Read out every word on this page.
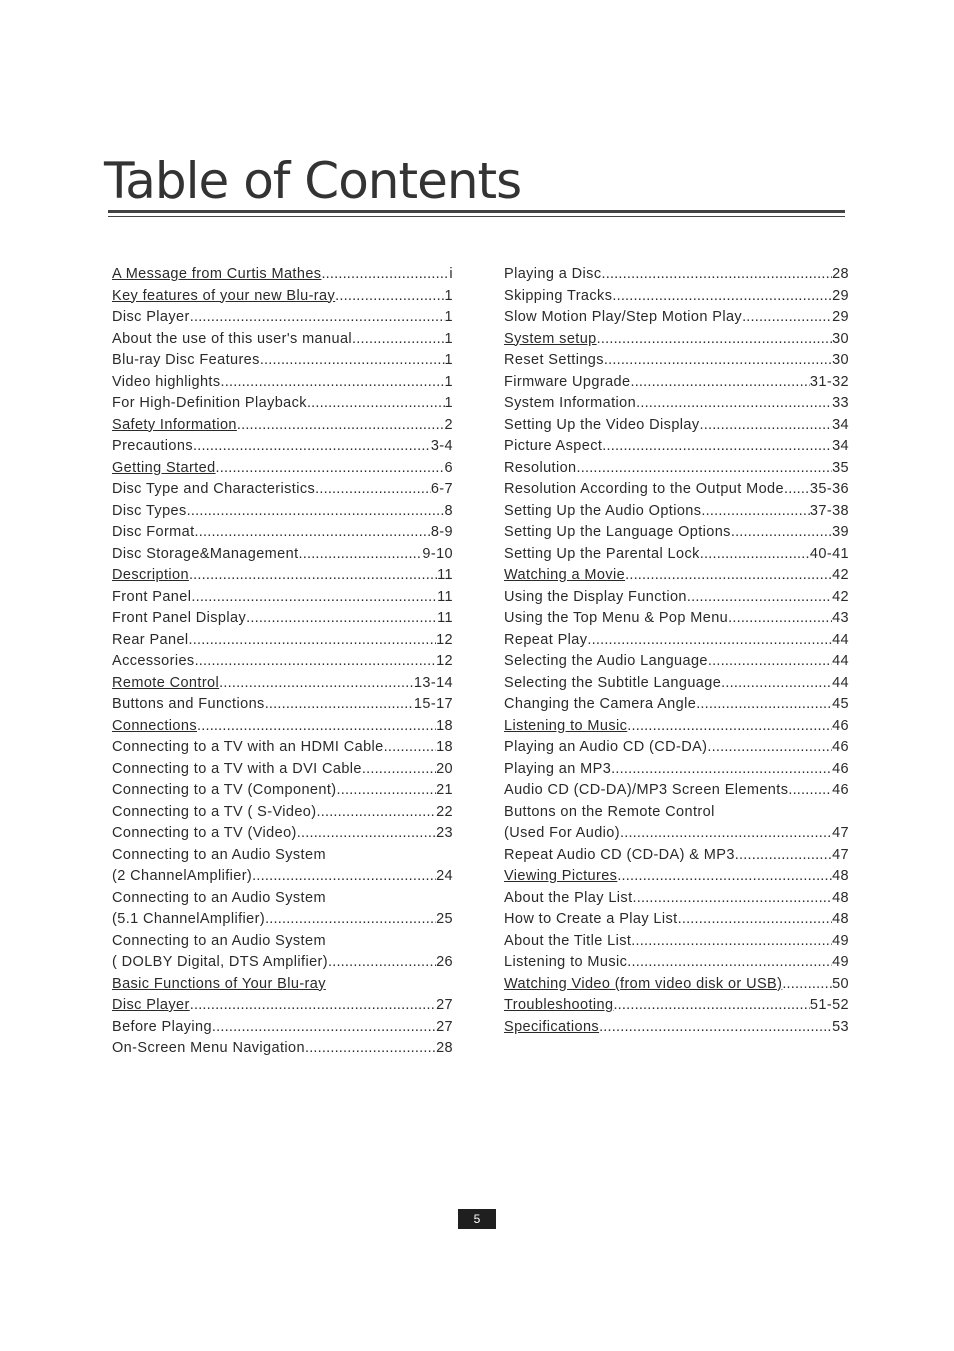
Table of Contents
A Message from Curtis Mathes .....	i
Key features of your new Blu-ray .....	1
Disc Player .....	1
About the use of this user's manual .....	1
Blu-ray Disc Features .....	1
Video highlights .....	1
For High-Definition Playback .....	1
Safety Information .....	2
Precautions .....	3-4
Getting Started .....	6
Disc Type and Characteristics .....	6-7
Disc Types .....	8
Disc Format .....	8-9
Disc Storage&Management .....	9-10
Description .....	11
Front Panel .....	11
Front Panel Display .....	11
Rear Panel .....	12
Accessories .....	12
Remote Control .....	13-14
Buttons and Functions .....	15-17
Connections .....	18
Connecting to a TV with an HDMI Cable .....	18
Connecting to a TV with a DVI Cable .....	20
Connecting to a TV (Component) .....	21
Connecting to a TV ( S-Video) .....	22
Connecting to a TV (Video) .....	23
Connecting to an Audio System
(2 ChannelAmplifier) .....	24
Connecting to an Audio System
(5.1 ChannelAmplifier) .....	25
Connecting to an Audio System
( DOLBY Digital, DTS Amplifier) .....	26
Basic Functions of Your Blu-ray
Disc Player .....	27
Before Playing .....	27
On-Screen Menu Navigation .....	28
Playing a Disc .....	28
Skipping Tracks .....	29
Slow Motion Play/Step Motion Play .....	29
System setup .....	30
Reset Settings .....	30
Firmware Upgrade .....	31-32
System Information .....	33
Setting Up the Video Display .....	34
Picture Aspect .....	34
Resolution .....	35
Resolution According to the Output Mode ..... 35-36
Setting Up the Audio Options .....	37-38
Setting Up the Language Options .....	39
Setting Up the Parental Lock .....	40-41
Watching a Movie .....	42
Using the Display Function .....	42
Using the Top Menu & Pop Menu .....	43
Repeat Play .....	44
Selecting the Audio Language .....	44
Selecting the Subtitle Language .....	44
Changing the Camera Angle .....	45
Listening to Music .....	46
Playing an Audio CD (CD-DA) .....	46
Playing an MP3 .....	46
Audio CD (CD-DA)/MP3 Screen Elements .....	46
Buttons on the Remote Control
(Used For Audio) .....	47
Repeat Audio CD (CD-DA) & MP3 .....	47
Viewing Pictures .....	48
About the Play List .....	48
How to Create a Play List .....	48
About the Title List .....	49
Listening to Music .....	49
Watching Video (from video disk or USB) .....	50
Troubleshooting .....	51-52
Specifications .....	53
5
